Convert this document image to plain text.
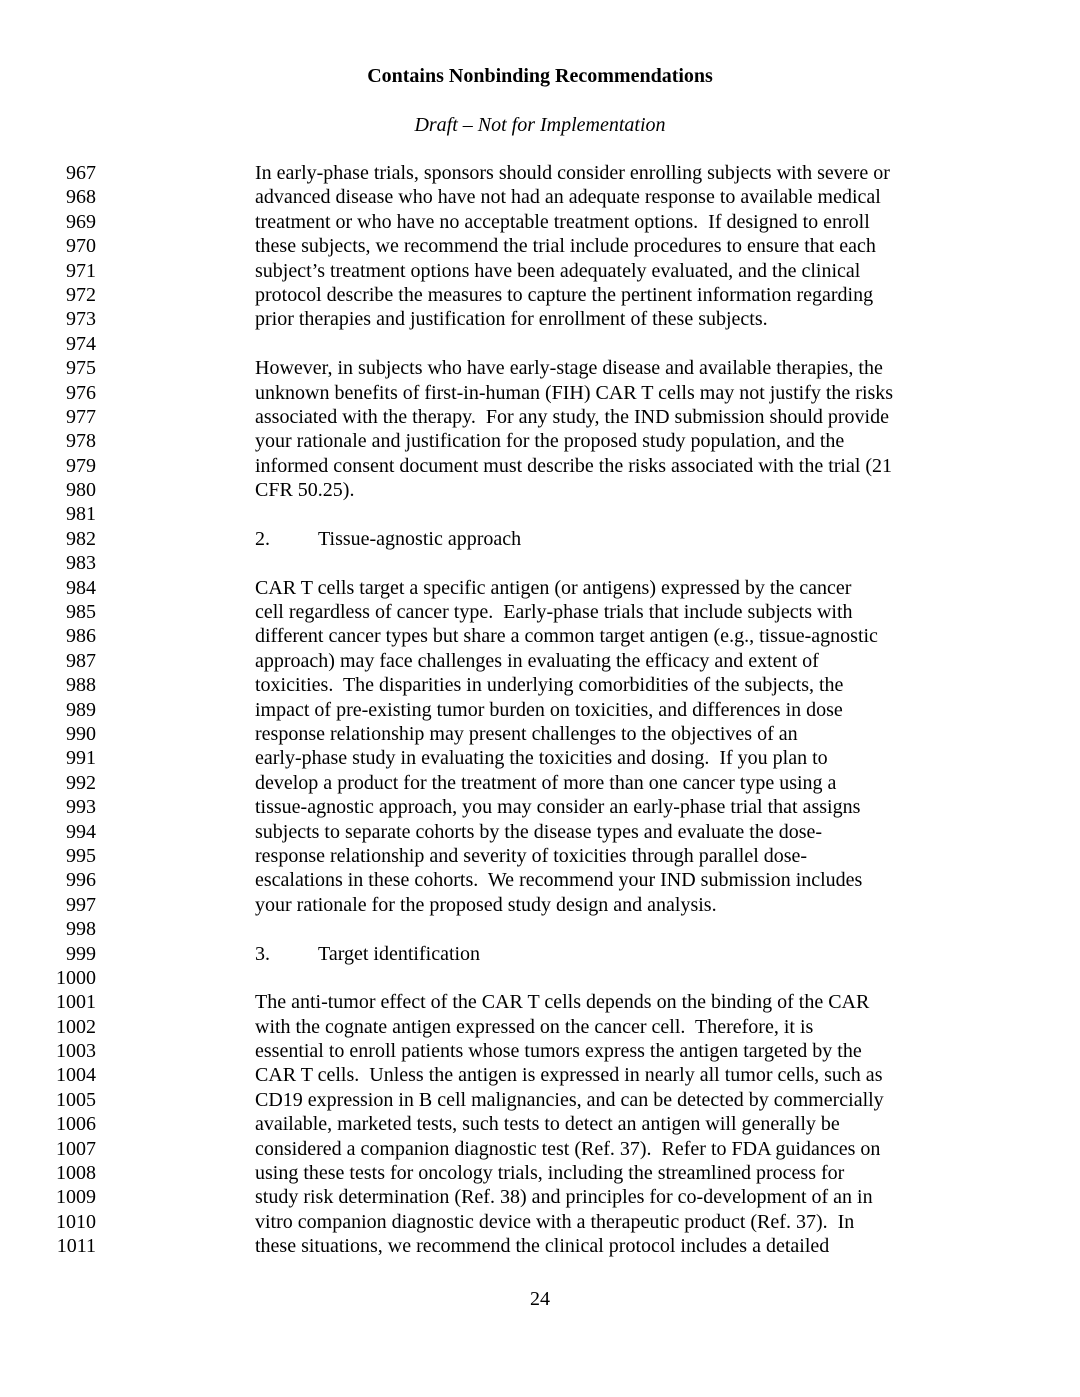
Contains Nonbinding Recommendations
Draft – Not for Implementation
967	In early-phase trials, sponsors should consider enrolling subjects with severe or
968	advanced disease who have not had an adequate response to available medical
969	treatment or who have no acceptable treatment options.  If designed to enroll
970	these subjects, we recommend the trial include procedures to ensure that each
971	subject’s treatment options have been adequately evaluated, and the clinical
972	protocol describe the measures to capture the pertinent information regarding
973	prior therapies and justification for enrollment of these subjects.
974
975	However, in subjects who have early-stage disease and available therapies, the
976	unknown benefits of first-in-human (FIH) CAR T cells may not justify the risks
977	associated with the therapy.  For any study, the IND submission should provide
978	your rationale and justification for the proposed study population, and the
979	informed consent document must describe the risks associated with the trial (21
980	CFR 50.25).
981
982	2. Tissue-agnostic approach
983
984	CAR T cells target a specific antigen (or antigens) expressed by the cancer
985	cell regardless of cancer type.  Early-phase trials that include subjects with
986	different cancer types but share a common target antigen (e.g., tissue-agnostic
987	approach) may face challenges in evaluating the efficacy and extent of
988	toxicities.  The disparities in underlying comorbidities of the subjects, the
989	impact of pre-existing tumor burden on toxicities, and differences in dose
990	response relationship may present challenges to the objectives of an
991	early-phase study in evaluating the toxicities and dosing.  If you plan to
992	develop a product for the treatment of more than one cancer type using a
993	tissue-agnostic approach, you may consider an early-phase trial that assigns
994	subjects to separate cohorts by the disease types and evaluate the dose-
995	response relationship and severity of toxicities through parallel dose-
996	escalations in these cohorts.  We recommend your IND submission includes
997	your rationale for the proposed study design and analysis.
998
999	3. Target identification
1000
1001	The anti-tumor effect of the CAR T cells depends on the binding of the CAR
1002	with the cognate antigen expressed on the cancer cell.  Therefore, it is
1003	essential to enroll patients whose tumors express the antigen targeted by the
1004	CAR T cells.  Unless the antigen is expressed in nearly all tumor cells, such as
1005	CD19 expression in B cell malignancies, and can be detected by commercially
1006	available, marketed tests, such tests to detect an antigen will generally be
1007	considered a companion diagnostic test (Ref. 37).  Refer to FDA guidances on
1008	using these tests for oncology trials, including the streamlined process for
1009	study risk determination (Ref. 38) and principles for co-development of an in
1010	vitro companion diagnostic device with a therapeutic product (Ref. 37).  In
1011	these situations, we recommend the clinical protocol includes a detailed
24
